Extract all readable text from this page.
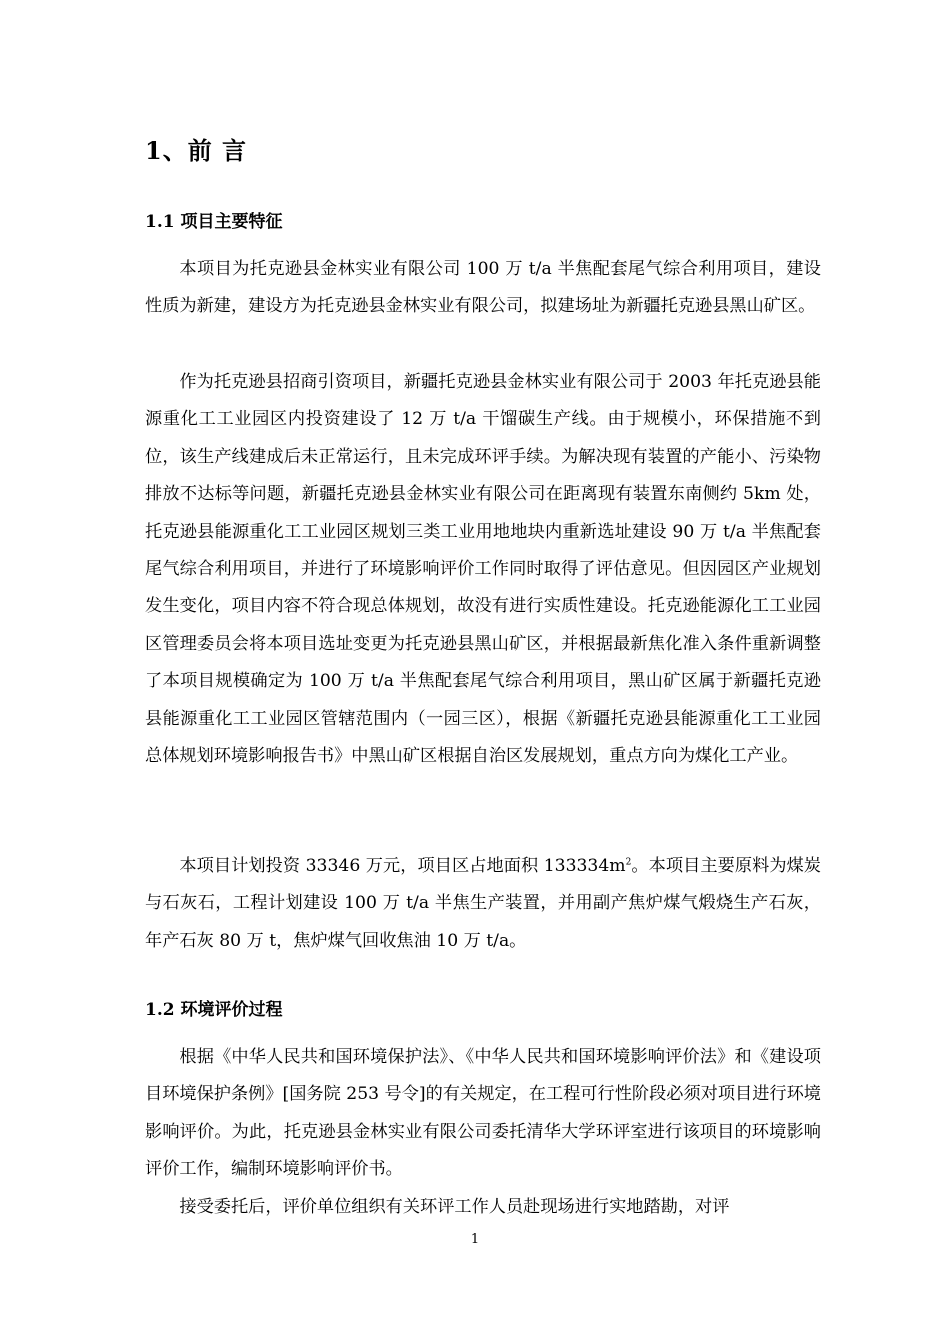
1、前 言
1.1 项目主要特征

本项目为托克逊县金林实业有限公司 100 万 t/a 半焦配套尾气综合利用项目，建设性质为新建，建设方为托克逊县金林实业有限公司，拟建场址为新疆托克逊县黑山矿区。

作为托克逊县招商引资项目，新疆托克逊县金林实业有限公司于 2003 年托克逊县能源重化工工业园区内投资建设了 12 万 t/a 干馏碳生产线。由于规模小，环保措施不到位，该生产线建成后未正常运行，且未完成环评手续。为解决现有装置的产能小、污染物排放不达标等问题，新疆托克逊县金林实业有限公司在距离现有装置东南侧约 5km 处，托克逊县能源重化工工业园区规划三类工业用地地块内重新选址建设 90 万 t/a 半焦配套尾气综合利用项目，并进行了环境影响评价工作同时取得了评估意见。但因园区产业规划发生变化，项目内容不符合现总体规划，故没有进行实质性建设。托克逊能源化工工业园区管理委员会将本项目选址变更为托克逊县黑山矿区，并根据最新焦化准入条件重新调整了本项目规模确定为 100 万 t/a 半焦配套尾气综合利用项目，黑山矿区属于新疆托克逊县能源重化工工业园区管辖范围内（一园三区），根据《新疆托克逊县能源重化工工业园总体规划环境影响报告书》中黑山矿区根据自治区发展规划，重点方向为煤化工产业。

本项目计划投资 33346 万元，项目区占地面积 $133334m^2$。本项目主要原料为煤炭与石灰石，工程计划建设 100 万 t/a 半焦生产装置，并用副产焦炉煤气煅烧生产石灰，年产石灰 80 万 t，焦炉煤气回收焦油 10 万 t/a。

1.2 环境评价过程

根据《中华人民共和国环境保护法》、《中华人民共和国环境影响评价法》和《建设项目环境保护条例》[国务院 253 号令]的有关规定，在工程可行性阶段必须对项目进行环境影响评价。为此，托克逊县金林实业有限公司委托清华大学环评室进行该项目的环境影响评价工作，编制环境影响评价书。

接受委托后，评价单位组织有关环评工作人员赴现场进行实地踏勘，对评

1
